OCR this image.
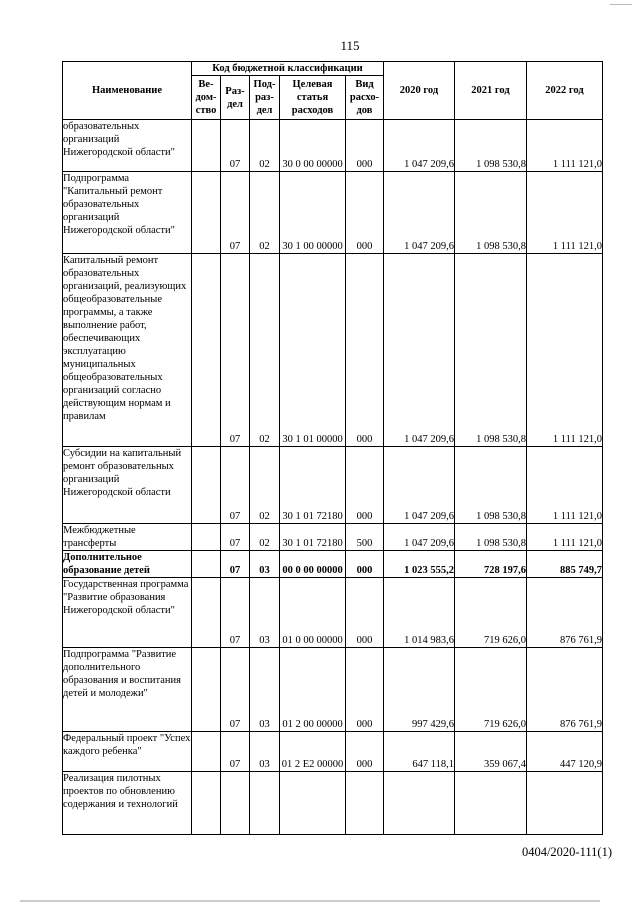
115
Наименование	Код бюджетной классификации					2020 год	2021 год	2022 год
	Ве-дом-ство	Раз-дел	Под-раз-дел	Целевая статья расходов	Вид расхо-дов			
образовательных организаций Нижегородской области"		07	02	30 0 00 00000	000	1 047 209,6	1 098 530,8	1 111 121,0
Подпрограмма "Капитальный ремонт образовательных организаций Нижегородской области"		07	02	30 1 00 00000	000	1 047 209,6	1 098 530,8	1 111 121,0
Капитальный ремонт образовательных организаций, реализующих общеобразовательные программы, а также выполнение работ, обеспечивающих эксплуатацию муниципальных общеобразовательных организаций согласно действующим нормам и правилам		07	02	30 1 01 00000	000	1 047 209,6	1 098 530,8	1 111 121,0
Субсидии на капитальный ремонт образовательных организаций Нижегородской области		07	02	30 1 01 72180	000	1 047 209,6	1 098 530,8	1 111 121,0
Межбюджетные трансферты		07	02	30 1 01 72180	500	1 047 209,6	1 098 530,8	1 111 121,0
Дополнительное образование детей		07	03	00 0 00 00000	000	1 023 555,2	728 197,6	885 749,7
Государственная программа "Развитие образования Нижегородской области"		07	03	01 0 00 00000	000	1 014 983,6	719 626,0	876 761,9
Подпрограмма "Развитие дополнительного образования и воспитания детей и молодежи"		07	03	01 2 00 00000	000	997 429,6	719 626,0	876 761,9
Федеральный проект "Успех каждого ребенка"		07	03	01 2 E2 00000	000	647 118,1	359 067,4	447 120,9
Реализация пилотных проектов по обновлению содержания и технологий								
0404/2020-111(1)
